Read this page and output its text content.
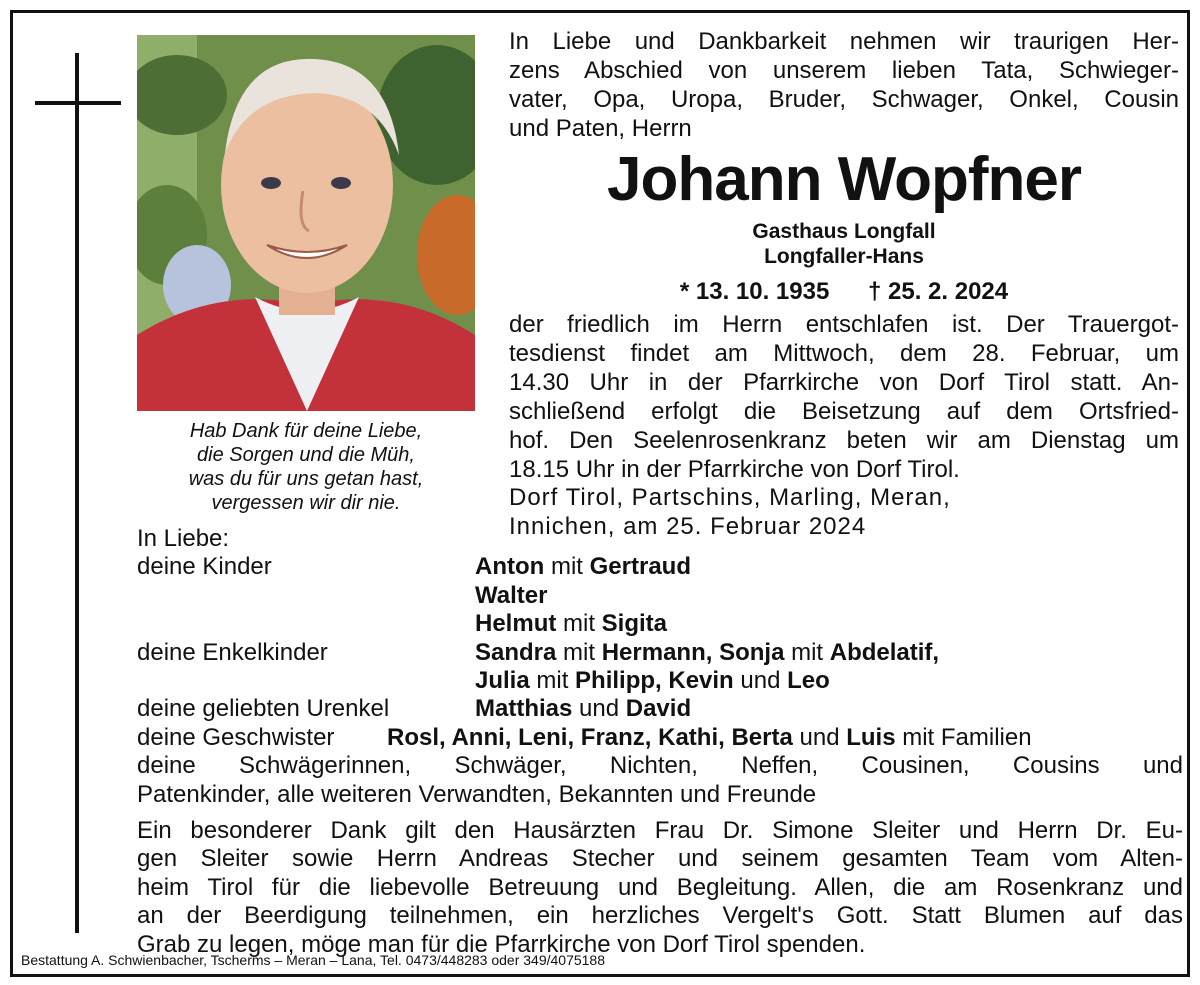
Hab Dank für deine Liebe,
die Sorgen und die Müh,
was du für uns getan hast,
vergessen wir dir nie.
In Liebe und Dankbarkeit nehmen wir traurigen Her-
zens Abschied von unserem lieben Tata, Schwieger-
vater, Opa, Uropa, Bruder, Schwager, Onkel, Cousin
und Paten, Herrn
Johann Wopfner
Gasthaus Longfall
Longfaller-Hans
* 13. 10. 1935 † 25. 2. 2024
der friedlich im Herrn entschlafen ist. Der Trauergot-
tesdienst findet am Mittwoch, dem 28. Februar, um
14.30 Uhr in der Pfarrkirche von Dorf Tirol statt. An-
schließend erfolgt die Beisetzung auf dem Ortsfried-
hof. Den Seelenrosenkranz beten wir am Dienstag um
18.15 Uhr in der Pfarrkirche von Dorf Tirol.
Dorf Tirol, Partschins, Marling, Meran,
Innichen, am 25. Februar 2024
In Liebe:
deine Kinder	Anton mit Gertraud
Walter
Helmut mit Sigita
deine Enkelkinder	Sandra mit Hermann, Sonja mit Abdelatif,
Julia mit Philipp, Kevin und Leo
deine geliebten Urenkel	Matthias und David
deine Geschwister Rosl, Anni, Leni, Franz, Kathi, Berta und Luis mit Familien
deine Schwägerinnen, Schwäger, Nichten, Neffen, Cousinen, Cousins und
Patenkinder, alle weiteren Verwandten, Bekannten und Freunde
Ein besonderer Dank gilt den Hausärzten Frau Dr. Simone Sleiter und Herrn Dr. Eu-
gen Sleiter sowie Herrn Andreas Stecher und seinem gesamten Team vom Alten-
heim Tirol für die liebevolle Betreuung und Begleitung. Allen, die am Rosenkranz und
an der Beerdigung teilnehmen, ein herzliches Vergelt's Gott. Statt Blumen auf das
Grab zu legen, möge man für die Pfarrkirche von Dorf Tirol spenden.
Bestattung A. Schwienbacher, Tscherms – Meran – Lana, Tel. 0473/448283 oder 349/4075188
